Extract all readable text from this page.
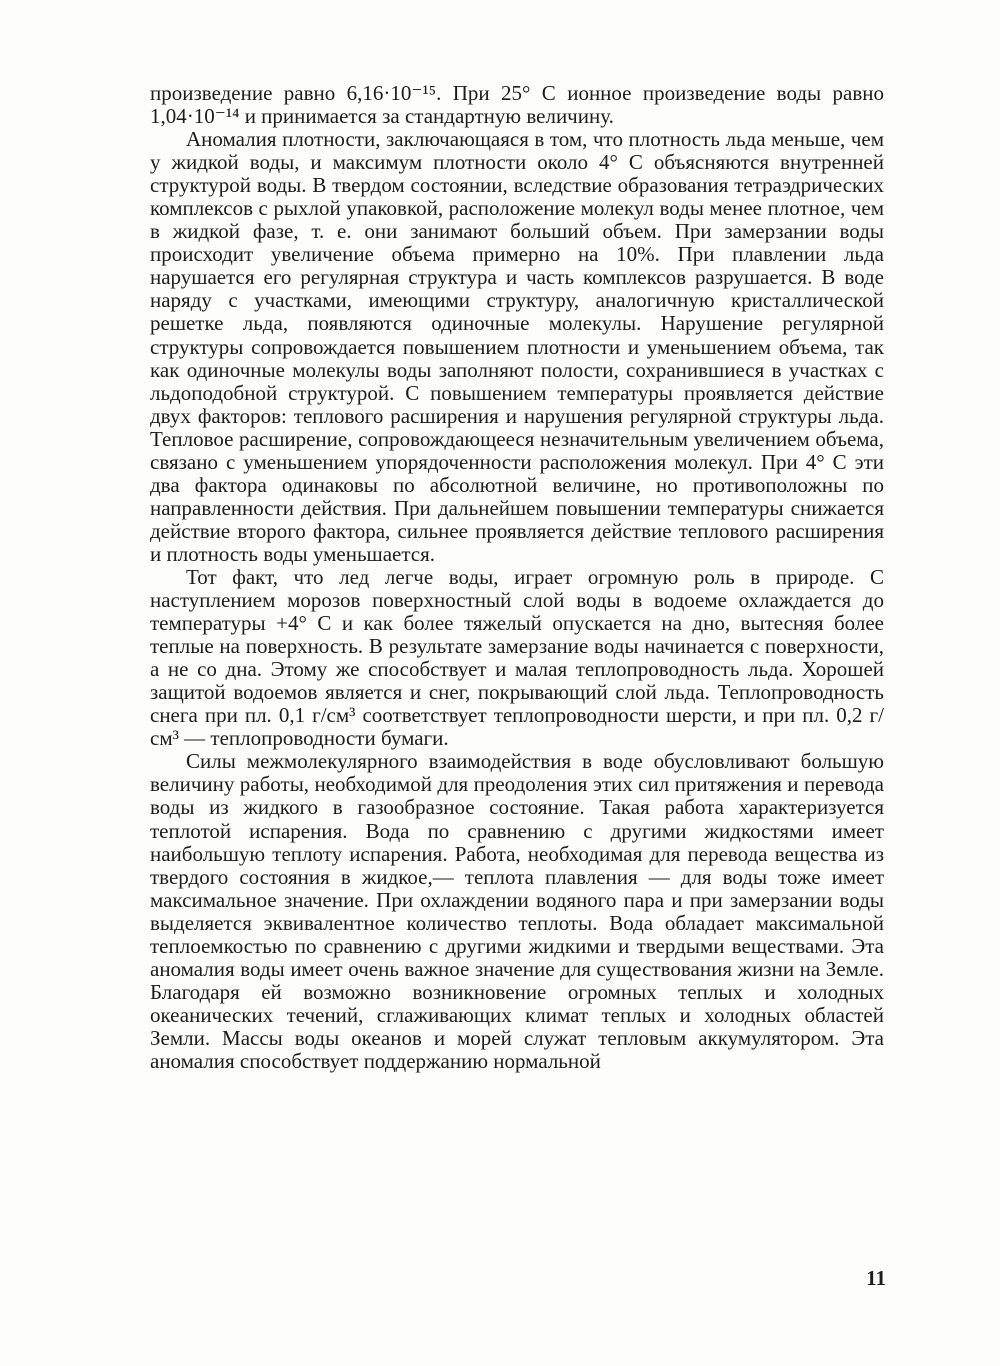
произведение равно 6,16·10⁻¹⁵. При 25° С ионное произведение воды равно 1,04·10⁻¹⁴ и принимается за стандартную величину.

Аномалия плотности, заключающаяся в том, что плотность льда меньше, чем у жидкой воды, и максимум плотности около 4° С объясняются внутренней структурой воды. В твердом состоянии, вследствие образования тетраэдрических комплексов с рыхлой упаковкой, расположение молекул воды менее плотное, чем в жидкой фазе, т. е. они занимают больший объем. При замерзании воды происходит увеличение объема примерно на 10%. При плавлении льда нарушается его регулярная структура и часть комплексов разрушается. В воде наряду с участками, имеющими структуру, аналогичную кристаллической решетке льда, появляются одиночные молекулы. Нарушение регулярной структуры сопровождается повышением плотности и уменьшением объема, так как одиночные молекулы воды заполняют полости, сохранившиеся в участках с льдоподобной структурой. С повышением температуры проявляется действие двух факторов: теплового расширения и нарушения регулярной структуры льда. Тепловое расширение, сопровождающееся незначительным увеличением объема, связано с уменьшением упорядоченности расположения молекул. При 4° С эти два фактора одинаковы по абсолютной величине, но противоположны по направленности действия. При дальнейшем повышении температуры снижается действие второго фактора, сильнее проявляется действие теплового расширения и плотность воды уменьшается.

Тот факт, что лед легче воды, играет огромную роль в природе. С наступлением морозов поверхностный слой воды в водоеме охлаждается до температуры +4° С и как более тяжелый опускается на дно, вытесняя более теплые на поверхность. В результате замерзание воды начинается с поверхности, а не со дна. Этому же способствует и малая теплопроводность льда. Хорошей защитой водоемов является и снег, покрывающий слой льда. Теплопроводность снега при пл. 0,1 г/см³ соответствует теплопроводности шерсти, и при пл. 0,2 г/см³ — теплопроводности бумаги.

Силы межмолекулярного взаимодействия в воде обусловливают большую величину работы, необходимой для преодоления этих сил притяжения и перевода воды из жидкого в газообразное состояние. Такая работа характеризуется теплотой испарения. Вода по сравнению с другими жидкостями имеет наибольшую теплоту испарения. Работа, необходимая для перевода вещества из твердого состояния в жидкое,— теплота плавления — для воды тоже имеет максимальное значение. При охлаждении водяного пара и при замерзании воды выделяется эквивалентное количество теплоты. Вода обладает максимальной теплоемкостью по сравнению с другими жидкими и твердыми веществами. Эта аномалия воды имеет очень важное значение для существования жизни на Земле. Благодаря ей возможно возникновение огромных теплых и холодных океанических течений, сглаживающих климат теплых и холодных областей Земли. Массы воды океанов и морей служат тепловым аккумулятором. Эта аномалия способствует поддержанию нормальной

11
